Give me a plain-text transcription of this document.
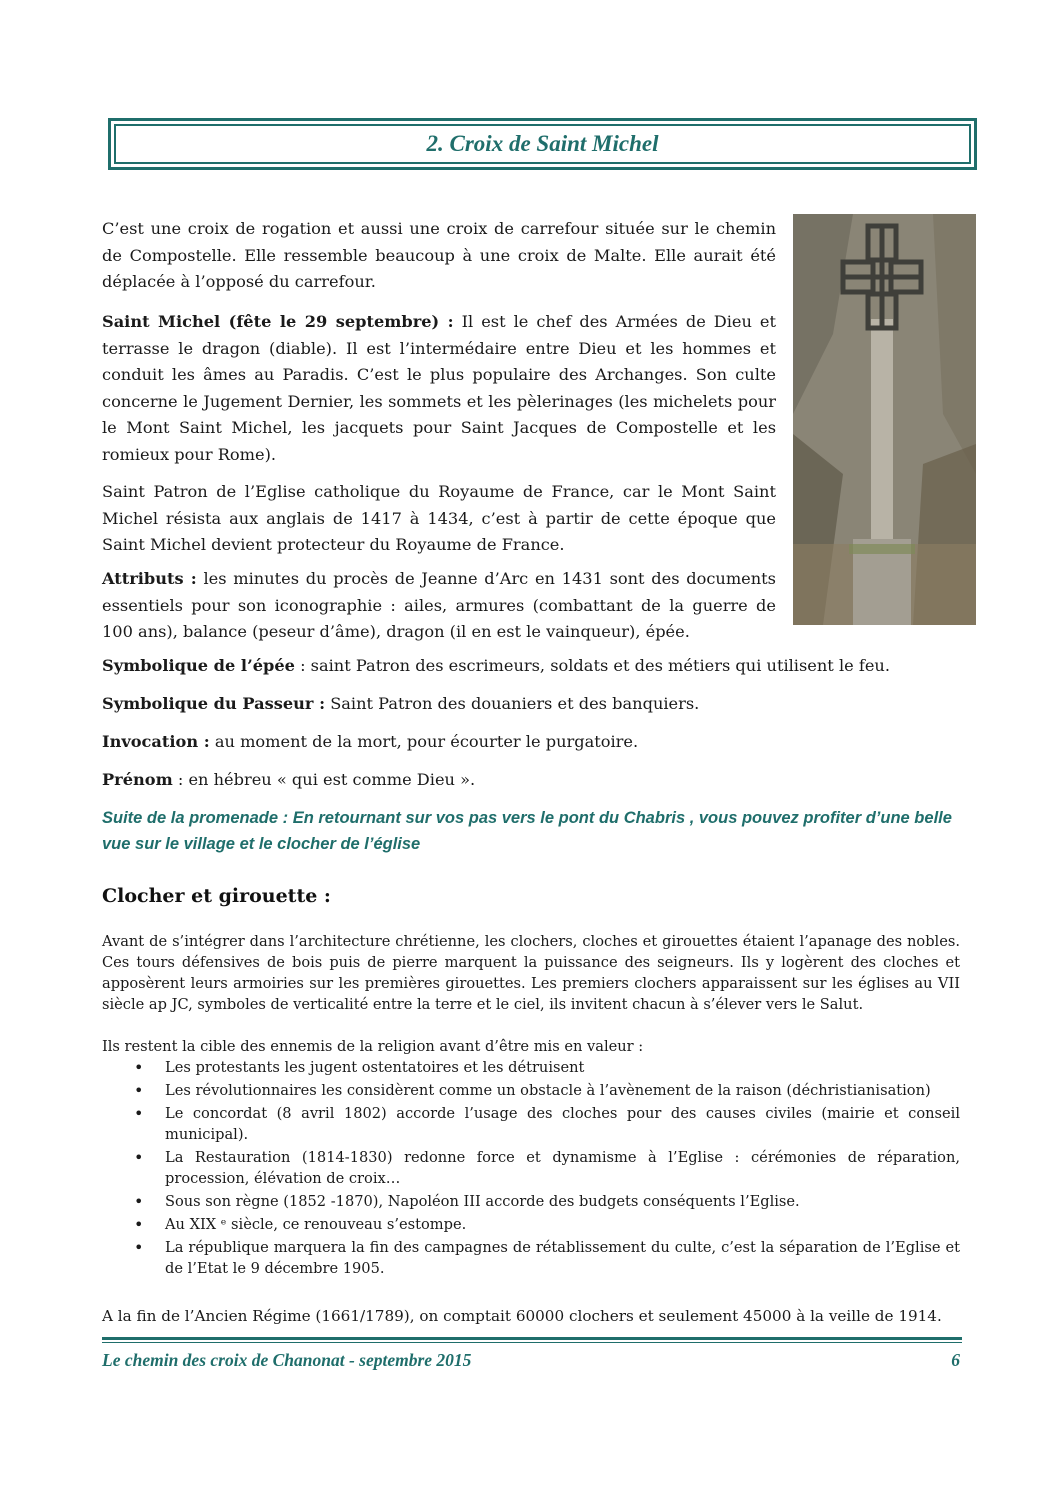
2. Croix de Saint Michel

C’est une croix de rogation et aussi une croix de carrefour située sur le chemin de Compostelle. Elle ressemble beaucoup à une croix de Malte. Elle aurait été déplacée à l’opposé du carrefour.

Saint Michel (fête le 29 septembre) : Il est le chef des Armées de Dieu et terrasse le dragon (diable). Il est l’intermédaire entre Dieu et les hommes et conduit les âmes au Paradis. C’est le plus populaire des Archanges. Son culte concerne le Jugement Dernier, les sommets et les pèlerinages (les michelets pour le Mont Saint Michel, les jacquets pour Saint Jacques de Compostelle et les romieux pour Rome).

Saint Patron de l’Eglise catholique du Royaume de France, car le Mont Saint Michel résista aux anglais de 1417 à 1434, c’est à partir de cette époque que Saint Michel devient protecteur du Royaume de France.

Attributs : les minutes du procès de Jeanne d’Arc en 1431 sont des documents essentiels pour son iconographie : ailes, armures (combattant de la guerre de 100 ans), balance (peseur d’âme), dragon (il en est le vainqueur), épée.

Symbolique de l’épée : saint Patron des escrimeurs, soldats et des métiers qui utilisent le feu.
Symbolique du Passeur : Saint Patron des douaniers et des banquiers.
Invocation : au moment de la mort, pour écourter le purgatoire.
Prénom : en hébreu « qui est comme Dieu ».
Suite de la promenade : En retournant sur vos pas vers le pont du Chabris , vous pouvez profiter d’une belle vue sur le village et le clocher de l’église
Clocher et girouette :

Avant de s’intégrer dans l’architecture chrétienne, les clochers, cloches et girouettes étaient l’apanage des nobles. Ces tours défensives de bois puis de pierre marquent la puissance des seigneurs. Ils y logèrent des cloches et apposèrent leurs armoiries sur les premières girouettes. Les premiers clochers apparaissent sur les églises au VII siècle ap JC, symboles de verticalité entre la terre et le ciel, ils invitent chacun à s’élever vers le Salut.

Ils restent la cible des ennemis de la religion avant d’être mis en valeur :

• Les protestants les jugent ostentatoires et les détruisent
• Les révolutionnaires les considèrent comme un obstacle à l’avènement de la raison (déchristianisation)
• Le concordat (8 avril 1802) accorde l’usage des cloches pour des causes civiles (mairie et conseil municipal).
• La Restauration (1814-1830) redonne force et dynamisme à l’Eglise : cérémonies de réparation, procession, élévation de croix…
• Sous son règne (1852 -1870), Napoléon III accorde des budgets conséquents l’Eglise.
• Au XIX ᵉ siècle, ce renouveau s’estompe.
• La république marquera la fin des campagnes de rétablissement du culte, c’est la séparation de l’Eglise et de l’Etat le 9 décembre 1905.

A la fin de l’Ancien Régime (1661/1789), on comptait 60000 clochers et seulement 45000 à la veille de 1914.

Le chemin des croix de Chanonat - septembre 2015	6
